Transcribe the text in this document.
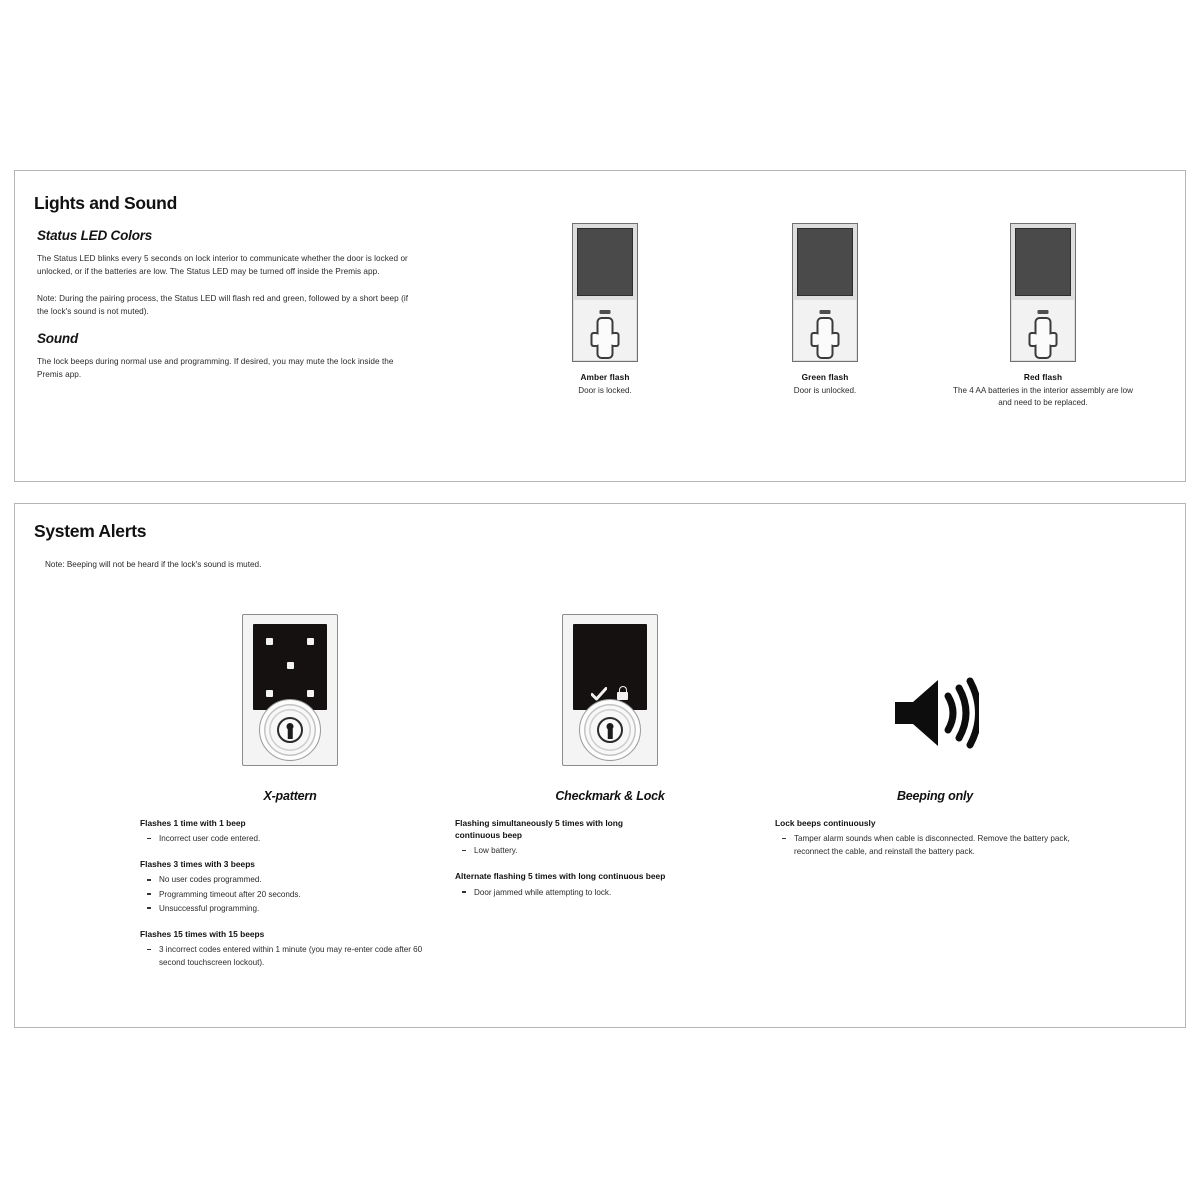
Lights and Sound
Status LED Colors

The Status LED blinks every 5 seconds on lock interior to communicate whether the door is locked or unlocked, or if the batteries are low. The Status LED may be turned off inside the Premis app.

Note: During the pairing process, the Status LED will flash red and green, followed by a short beep (if the lock's sound is not muted).

Sound

The lock beeps during normal use and programming. If desired, you may mute the lock inside the Premis app.	Amber flash
Door is locked.
Green flash
Door is unlocked.
Red flash
The 4 AA batteries in the interior assembly are low and need to be replaced.
System Alerts
Note: Beeping will not be heard if the lock's sound is muted.
X-pattern
Flashes 1 time with 1 beep
Incorrect user code entered.
Flashes 3 times with 3 beeps
No user codes programmed.
Programming timeout after 20 seconds.
Unsuccessful programming.
Flashes 15 times with 15 beeps
3 incorrect codes entered within 1 minute (you may re-enter code after 60 second touchscreen lockout).
Checkmark & Lock
Flashing simultaneously 5 times with long continuous beep
Low battery.
Alternate flashing 5 times with long continuous beep
Door jammed while attempting to lock.
Beeping only
Lock beeps continuously
Tamper alarm sounds when cable is disconnected. Remove the battery pack, reconnect the cable, and reinstall the battery pack.
